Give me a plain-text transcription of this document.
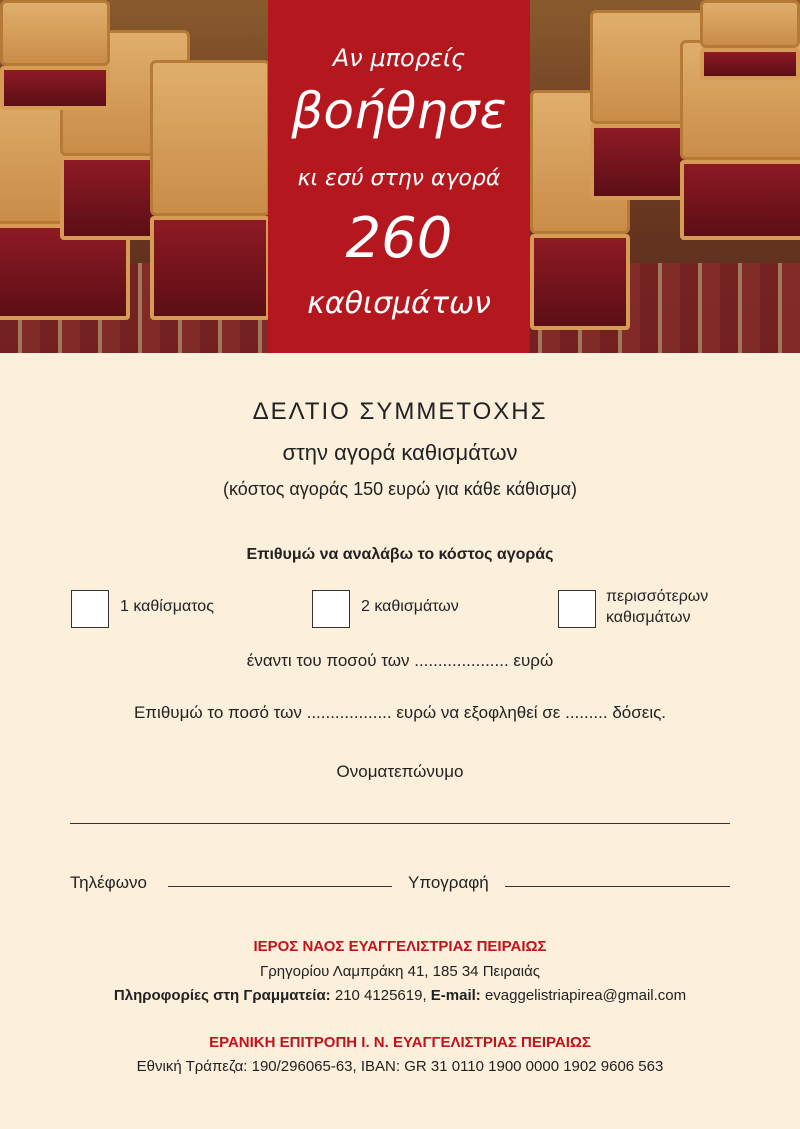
Αν μπορείς
βοήθησε
κι εσύ στην αγορά
260
καθισμάτων
ΔΕΛΤΙΟ ΣΥΜΜΕΤΟΧΗΣ
στην αγορά καθισμάτων
(κόστος αγοράς 150 ευρώ για κάθε κάθισμα)
Επιθυμώ να αναλάβω το κόστος αγοράς
1 καθίσματος	2 καθισμάτων
περισσότερων
καθισμάτων
έναντι του ποσού των .................... ευρώ
Επιθυμώ το ποσό των .................. ευρώ να εξοφληθεί σε ......... δόσεις.
Ονοματεπώνυμο
Τηλέφωνο	Υπογραφή
ΙΕΡΟΣ ΝΑΟΣ ΕΥΑΓΓΕΛΙΣΤΡΙΑΣ ΠΕΙΡΑΙΩΣ
Γρηγορίου Λαμπράκη 41, 185 34 Πειραιάς
Πληροφορίες στη Γραμματεία: 210 4125619, E-mail: evaggelistriapirea@gmail.com
ΕΡΑΝΙΚΗ ΕΠΙΤΡΟΠΗ Ι. Ν. ΕΥΑΓΓΕΛΙΣΤΡΙΑΣ ΠΕΙΡΑΙΩΣ
Εθνική Τράπεζα: 190/296065-63, IBAN: GR 31 0110 1900 0000 1902 9606 563
